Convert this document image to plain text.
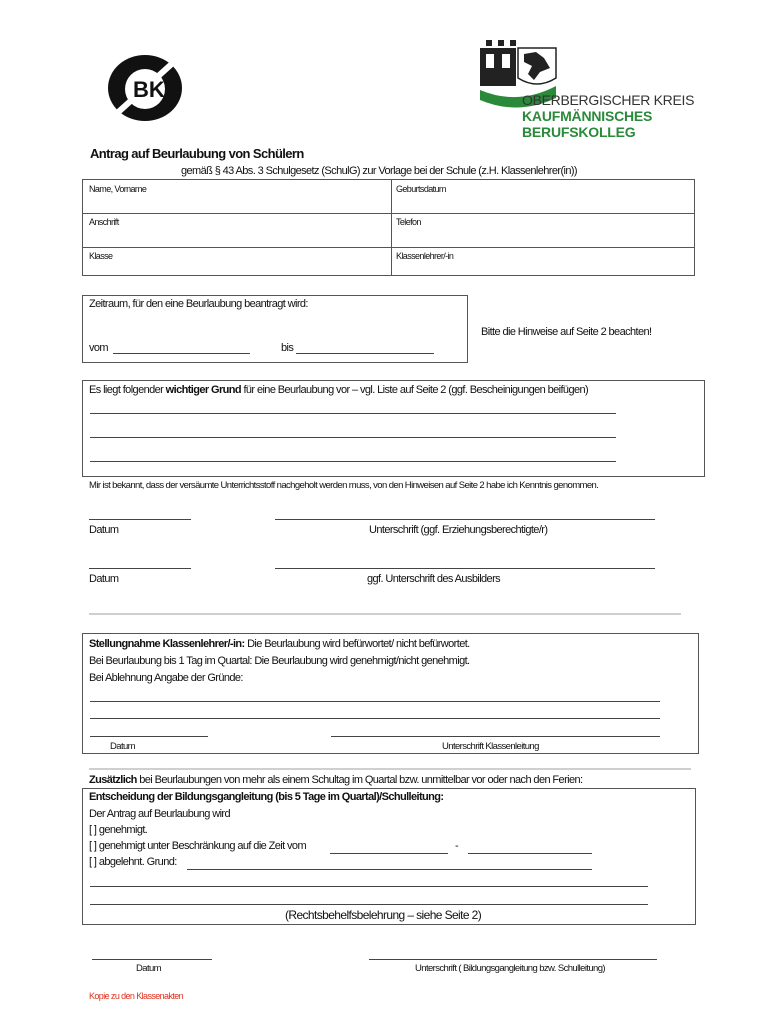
BK	OBERBERGISCHER KREIS
KAUFMÄNNISCHES
BERUFSKOLLEG
Antrag auf Beurlaubung von Schülern
gemäß § 43 Abs. 3 Schulgesetz (SchulG) zur Vorlage bei der Schule (z.H. Klassenlehrer(in))
Name, Vorname	Geburtsdatum
Anschrift	Telefon
Klasse	Klassenlehrer/-in
Zeitraum, für den eine Beurlaubung beantragt wird:
vom	bis
Bitte die Hinweise auf Seite 2 beachten!
Es liegt folgender wichtiger Grund für eine Beurlaubung vor – vgl. Liste auf Seite 2 (ggf. Bescheinigungen beifügen)
Mir ist bekannt, dass der versäumte Unterrichtsstoff nachgeholt werden muss, von den Hinweisen auf Seite 2 habe ich Kenntnis genommen.
Datum	Unterschrift (ggf. Erziehungsberechtigte/r)
Datum	ggf. Unterschrift des Ausbilders
Stellungnahme Klassenlehrer/-in: Die Beurlaubung wird befürwortet/ nicht befürwortet.
Bei Beurlaubung bis 1 Tag im Quartal: Die Beurlaubung wird genehmigt/nicht genehmigt.
Bei Ablehnung Angabe der Gründe:
Datum	Unterschrift Klassenleitung
Zusätzlich bei Beurlaubungen von mehr als einem Schultag im Quartal bzw. unmittelbar vor oder nach den Ferien:
Entscheidung der Bildungsgangleitung (bis 5 Tage im Quartal)/Schulleitung:
Der Antrag auf Beurlaubung wird
[ ] genehmigt.
[ ] genehmigt unter Beschränkung auf die Zeit vom	-
[ ] abgelehnt. Grund:
(Rechtsbehelfsbelehrung – siehe Seite 2)
Datum	Unterschrift ( Bildungsgangleitung bzw. Schulleitung)
Kopie zu den Klassenakten
